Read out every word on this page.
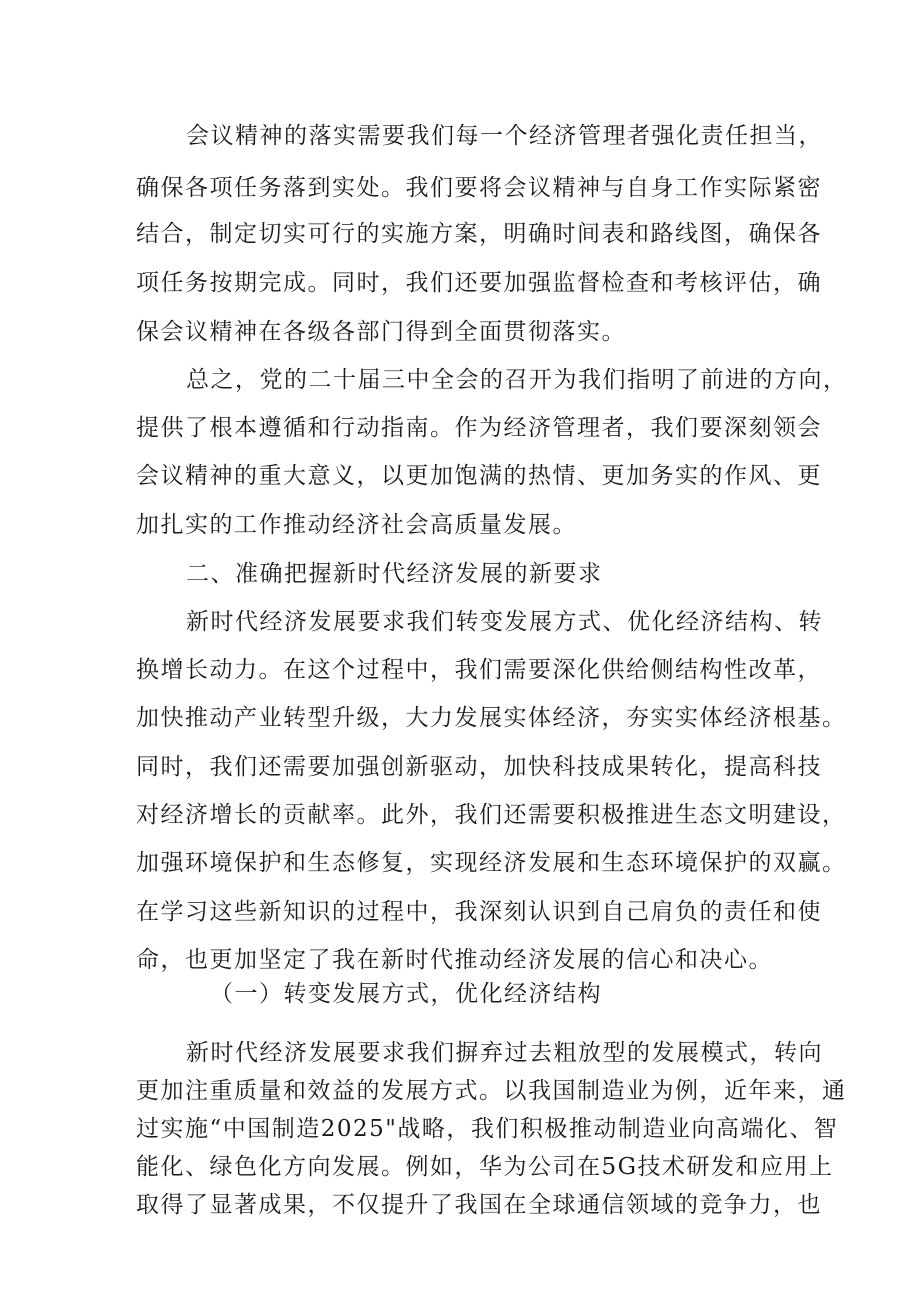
会议精神的落实需要我们每一个经济管理者强化责任担当，
确保各项任务落到实处。我们要将会议精神与自身工作实际紧密
结合，制定切实可行的实施方案，明确时间表和路线图，确保各
项任务按期完成。同时，我们还要加强监督检查和考核评估，确
保会议精神在各级各部门得到全面贯彻落实。
总之，党的二十届三中全会的召开为我们指明了前进的方向，
提供了根本遵循和行动指南。作为经济管理者，我们要深刻领会
会议精神的重大意义，以更加饱满的热情、更加务实的作风、更
加扎实的工作推动经济社会高质量发展。
二、准确把握新时代经济发展的新要求
新时代经济发展要求我们转变发展方式、优化经济结构、转
换增长动力。在这个过程中，我们需要深化供给侧结构性改革，
加快推动产业转型升级，大力发展实体经济，夯实实体经济根基。
同时，我们还需要加强创新驱动，加快科技成果转化，提高科技
对经济增长的贡献率。此外，我们还需要积极推进生态文明建设，
加强环境保护和生态修复，实现经济发展和生态环境保护的双赢。
在学习这些新知识的过程中，我深刻认识到自己肩负的责任和使
命，也更加坚定了我在新时代推动经济发展的信心和决心。
（一）转变发展方式，优化经济结构
新时代经济发展要求我们摒弃过去粗放型的发展模式，转向
更加注重质量和效益的发展方式。以我国制造业为例，近年来，通
过实施“中国制造2025"战略，我们积极推动制造业向高端化、智
能化、绿色化方向发展。例如，华为公司在5G技术研发和应用上
取得了显著成果，不仅提升了我国在全球通信领域的竞争力，也
